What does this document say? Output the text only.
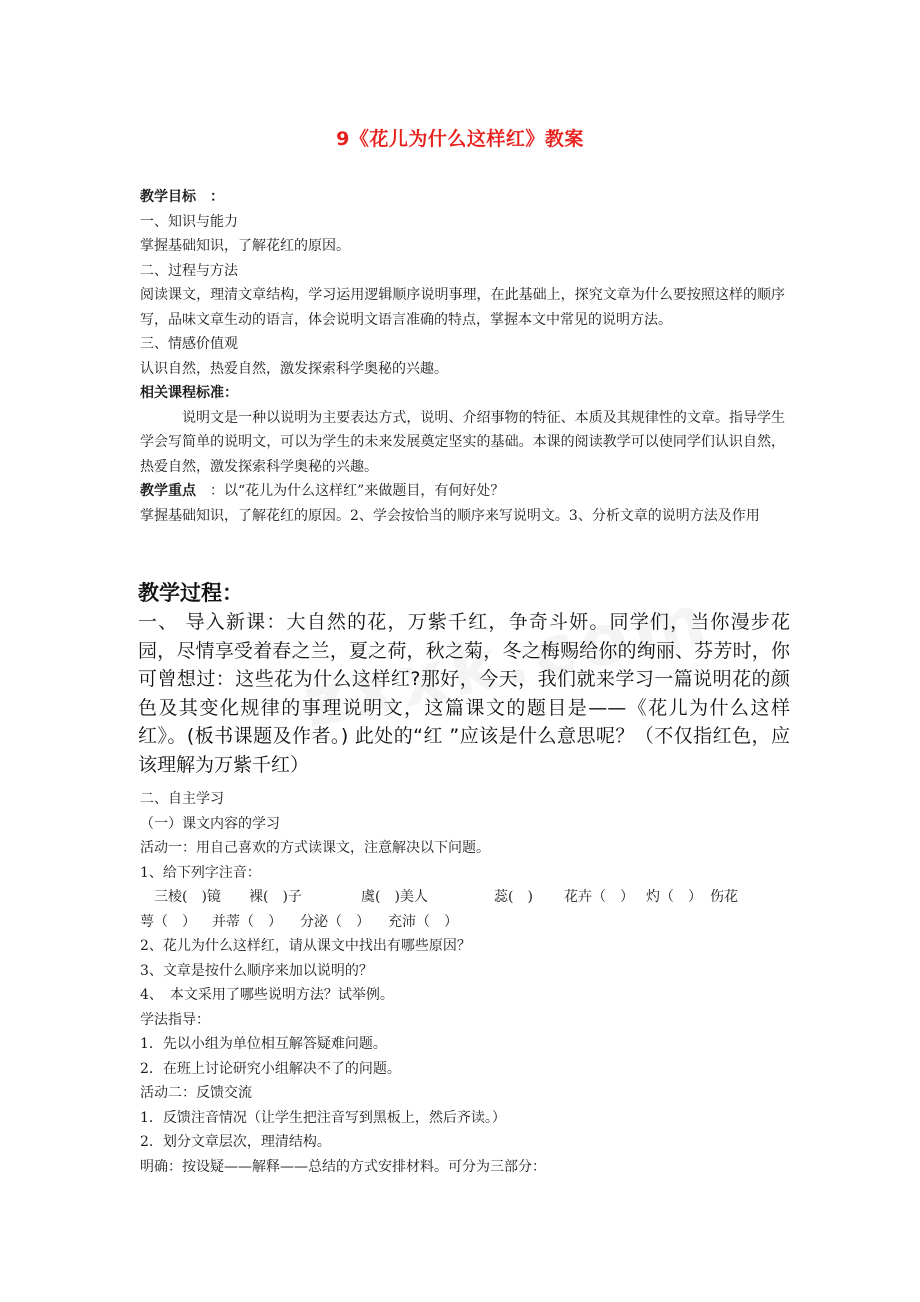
9《花儿为什么这样红》教案
教学目标　：
一、知识与能力
掌握基础知识，了解花红的原因。
二、过程与方法
阅读课文，理清文章结构，学习运用逻辑顺序说明事理，在此基础上，探究文章为什么要按照这样的顺序写，品味文章生动的语言，体会说明文语言准确的特点，掌握本文中常见的说明方法。
三、情感价值观
认识自然，热爱自然，激发探索科学奥秘的兴趣。
相关课程标准：
说明文是一种以说明为主要表达方式，说明、介绍事物的特征、本质及其规律性的文章。指导学生学会写简单的说明文，可以为学生的未来发展奠定坚实的基础。本课的阅读教学可以使同学们认识自然，热爱自然，激发探索科学奥秘的兴趣。
教学重点　：以“花儿为什么这样红”来做题目，有何好处？
掌握基础知识，了解花红的原因。2、学会按恰当的顺序来写说明文。3、分析文章的说明方法及作用
教学过程：
一、 导入新课：大自然的花，万紫千红，争奇斗妍。同学们，当你漫步花园，尽情享受着春之兰，夏之荷，秋之菊，冬之梅赐给你的绚丽、芬芳时，你可曾想过：这些花为什么这样红?那好，今天，我们就来学习一篇说明花的颜色及其变化规律的事理说明文，这篇课文的题目是——《花儿为什么这样红》。(板书课题及作者。) 此处的“红 ”应该是什么意思呢？（不仅指红色，应该理解为万紫千红）
二、自主学习
（一）课文内容的学习
活动一：用自己喜欢的方式读课文，注意解决以下问题。
1、给下列字注音：
三棱(　)镜	裸(　)子	虞(　)美人	蕊(　)	花卉（　） 灼（　） 伤花
萼（　）	并蒂（　）	分泌（　）	充沛（　）
2、花儿为什么这样红，请从课文中找出有哪些原因？
3、文章是按什么顺序来加以说明的？
4、　本文采用了哪些说明方法？试举例。
学法指导：
1．先以小组为单位相互解答疑难问题。
2．在班上讨论研究小组解决不了的问题。
活动二：反馈交流
1．反馈注音情况（让学生把注音写到黑板上，然后齐读。）
2．划分文章层次，理清结构。
明确：按设疑——解释——总结的方式安排材料。可分为三部分：
